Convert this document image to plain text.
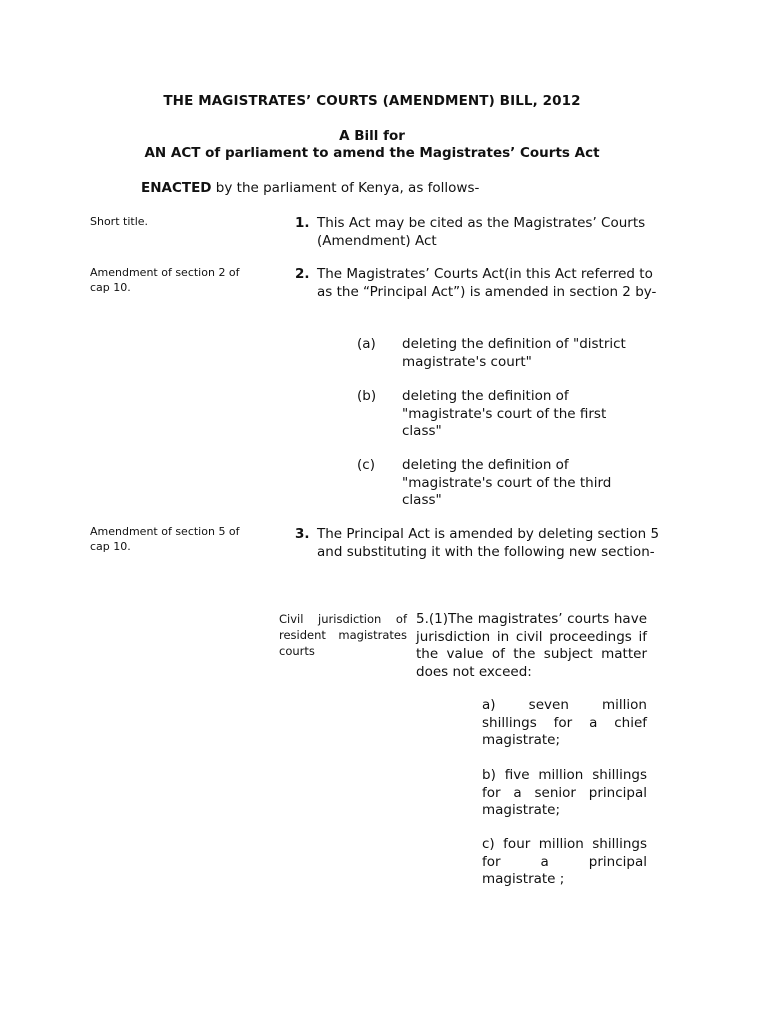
THE MAGISTRATES’ COURTS (AMENDMENT) BILL, 2012
A Bill for
AN ACT of parliament to amend the Magistrates’ Courts Act
ENACTED by the parliament of Kenya, as follows-
Short title.	1. This Act may be cited as the Magistrates’ Courts (Amendment) Act
Amendment of section 2 of cap 10.
2. The Magistrates’ Courts Act(in this Act referred to as the “Principal Act”) is amended in section 2 by-
(a) deleting the definition of "district magistrate's court"
(b) deleting the definition of "magistrate's court of the first class"
(c) deleting the definition of "magistrate's court of the third class"
Amendment of section 5 of cap 10.
3. The Principal Act is amended by deleting section 5 and substituting it with the following new section-
Civil jurisdiction of resident magistrates courts
5.(1)The magistrates’ courts have jurisdiction in civil proceedings if the value of the subject matter does not exceed:
a) seven million shillings for a chief magistrate;
b) five million shillings for a senior principal magistrate;
c) four million shillings for a principal magistrate ;
